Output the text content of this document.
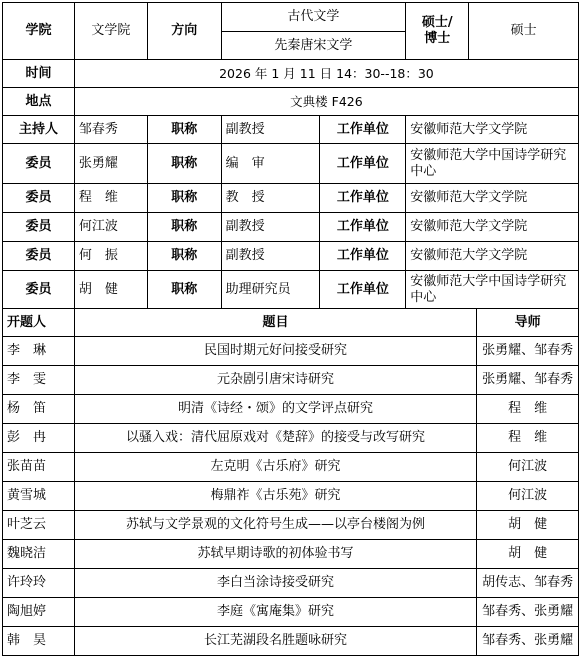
学院	文学院	方向	古代文学		硕士/博士	硕士	
			先秦唐宋文学				
时间	2026 年 1 月 11 日 14：30--18：30						
地点	文典楼 F426						
主持人	邹春秀	职称	副教授	工作单位	安徽师范大学文学院		
委员	张勇耀	职称	编　审	工作单位	安徽师范大学中国诗学研究中心		
委员	程　维	职称	教　授	工作单位	安徽师范大学文学院		
委员	何江波	职称	副教授	工作单位	安徽师范大学文学院		
委员	何　振	职称	副教授	工作单位	安徽师范大学文学院		
委员	胡　健	职称	助理研究员	工作单位	安徽师范大学中国诗学研究中心		
开题人	题目						导师
李　琳	民国时期元好问接受研究						张勇耀、邹春秀
李　雯	元杂剧引唐宋诗研究						张勇耀、邹春秀
杨　笛	明清《诗经・颂》的文学评点研究						程　维
彭　冉	以骚入戏：清代屈原戏对《楚辞》的接受与改写研究						程　维
张苗苗	左克明《古乐府》研究						何江波
黄雪城	梅鼎祚《古乐苑》研究						何江波
叶芝云	苏轼与文学景观的文化符号生成——以亭台楼阁为例						胡　健
魏晓洁	苏轼早期诗歌的初体验书写						胡　健
许玲玲	李白当涂诗接受研究						胡传志、邹春秀
陶旭婷	李庭《寓庵集》研究						邹春秀、张勇耀
韩　昊	长江芜湖段名胜题咏研究						邹春秀、张勇耀
